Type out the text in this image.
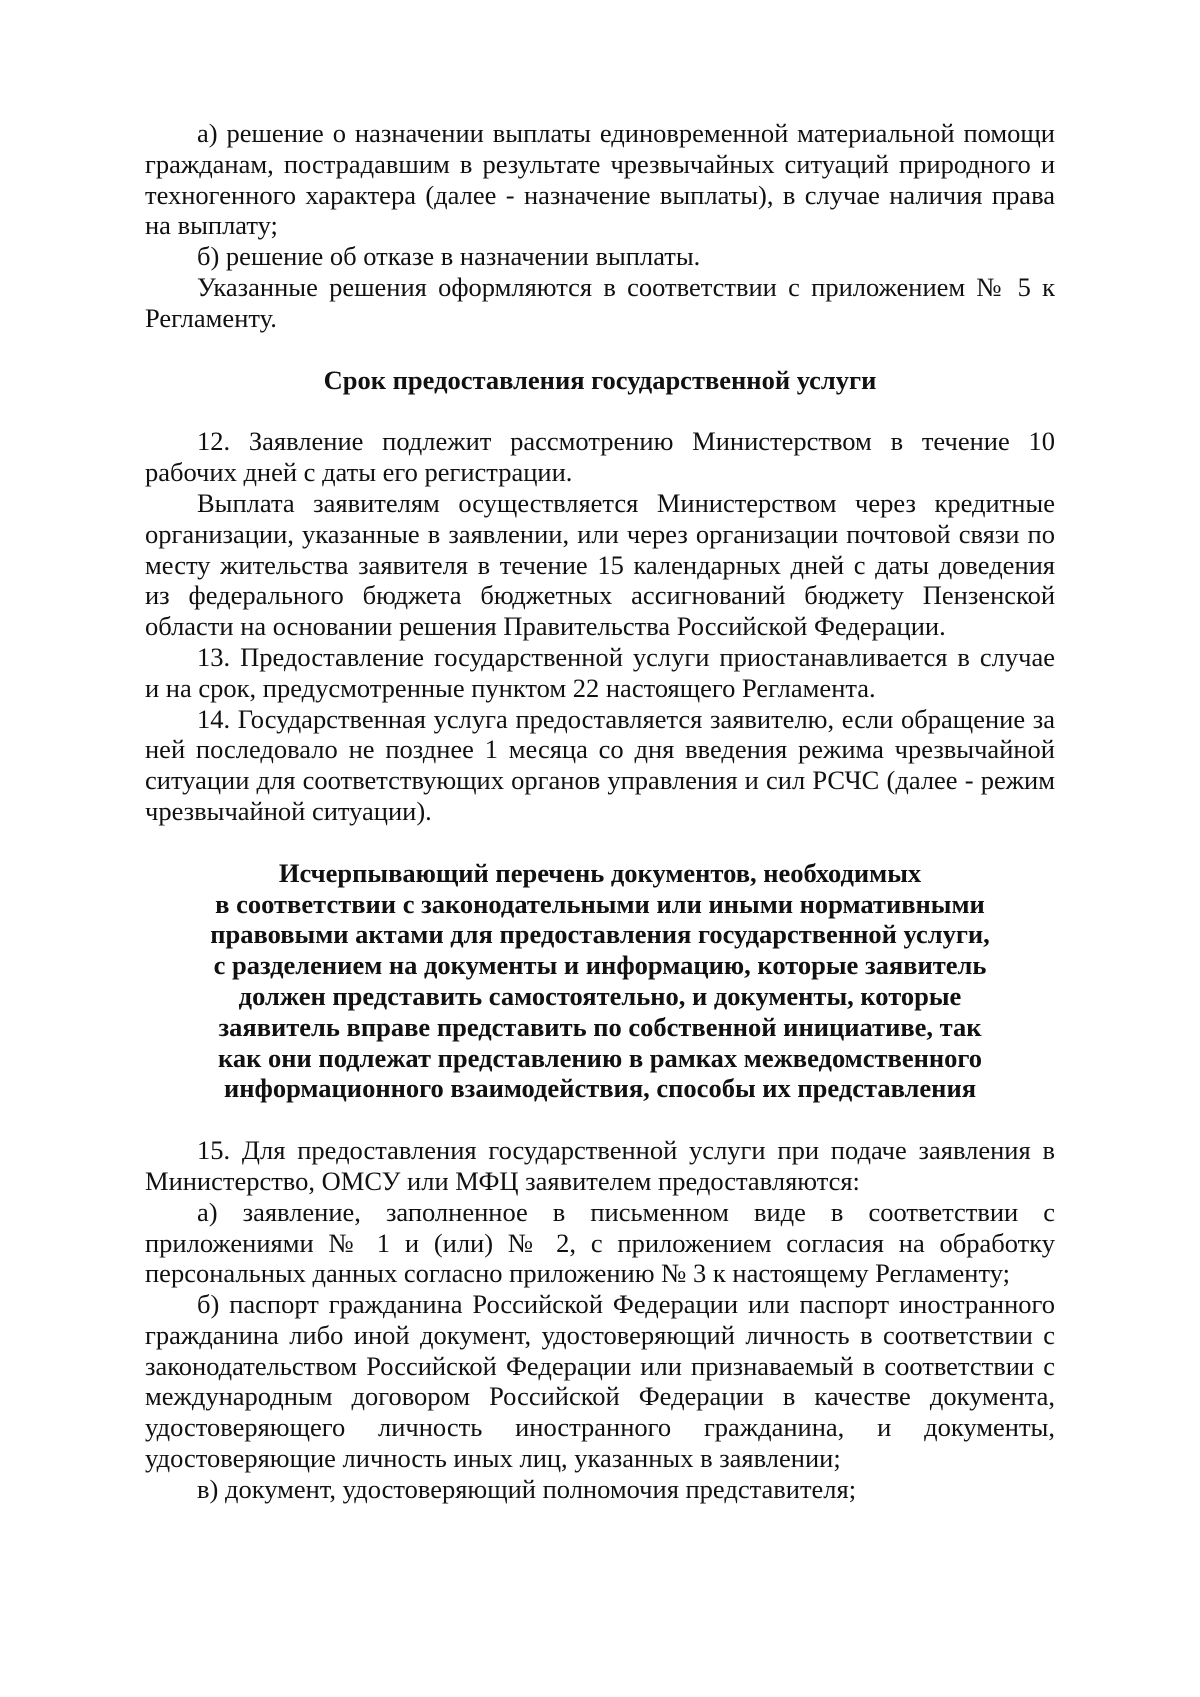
а) решение о назначении выплаты единовременной материальной помощи гражданам, пострадавшим в результате чрезвычайных ситуаций природного и техногенного характера (далее - назначение выплаты), в случае наличия права на выплату;

б) решение об отказе в назначении выплаты.

Указанные решения оформляются в соответствии с приложением № 5 к Регламенту.

Срок предоставления государственной услуги

12. Заявление подлежит рассмотрению Министерством в течение 10 рабочих дней с даты его регистрации.

Выплата заявителям осуществляется Министерством через кредитные организации, указанные в заявлении, или через организации почтовой связи по месту жительства заявителя в течение 15 календарных дней с даты доведения из федерального бюджета бюджетных ассигнований бюджету Пензенской области на основании решения Правительства Российской Федерации.

13. Предоставление государственной услуги приостанавливается в случае и на срок, предусмотренные пунктом 22 настоящего Регламента.

14. Государственная услуга предоставляется заявителю, если обращение за ней последовало не позднее 1 месяца со дня введения режима чрезвычайной ситуации для соответствующих органов управления и сил РСЧС (далее - режим чрезвычайной ситуации).

Исчерпывающий перечень документов, необходимых
в соответствии с законодательными или иными нормативными
правовыми актами для предоставления государственной услуги,
с разделением на документы и информацию, которые заявитель
должен представить самостоятельно, и документы, которые
заявитель вправе представить по собственной инициативе, так
как они подлежат представлению в рамках межведомственного
информационного взаимодействия, способы их представления

15. Для предоставления государственной услуги при подаче заявления в Министерство, ОМСУ или МФЦ заявителем предоставляются:

а) заявление, заполненное в письменном виде в соответствии с приложениями № 1 и (или) № 2, с приложением согласия на обработку персональных данных согласно приложению № 3 к настоящему Регламенту;

б) паспорт гражданина Российской Федерации или паспорт иностранного гражданина либо иной документ, удостоверяющий личность в соответствии с законодательством Российской Федерации или признаваемый в соответствии с международным договором Российской Федерации в качестве документа, удостоверяющего личность иностранного гражданина, и документы, удостоверяющие личность иных лиц, указанных в заявлении;

в) документ, удостоверяющий полномочия представителя;
